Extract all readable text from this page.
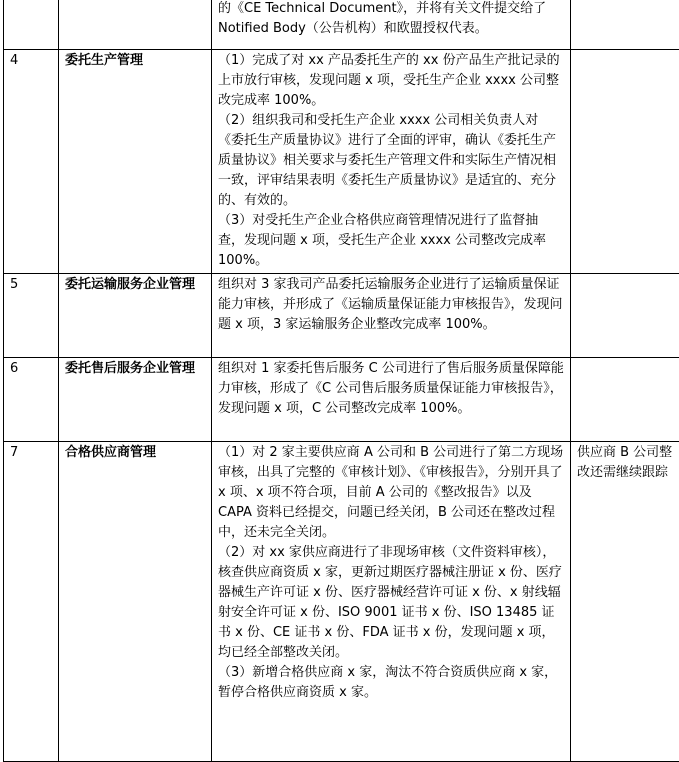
		的《CE Technical Document》，并将有关文件提交给了 Notified Body（公告机构）和欧盟授权代表。	

4	委托生产管理	（1）完成了对 xx 产品委托生产的 xx 份产品生产批记录的上市放行审核，发现问题 x 项，受托生产企业 xxxx 公司整改完成率 100%。
（2）组织我司和受托生产企业 xxxx 公司相关负责人对《委托生产质量协议》进行了全面的评审，确认《委托生产质量协议》相关要求与委托生产管理文件和实际生产情况相一致，评审结果表明《委托生产质量协议》是适宜的、充分的、有效的。
（3）对受托生产企业合格供应商管理情况进行了监督抽查，发现问题 x 项，受托生产企业 xxxx 公司整改完成率 100%。	

5	委托运输服务企业管理	组织对 3 家我司产品委托运输服务企业进行了运输质量保证能力审核，并形成了《运输质量保证能力审核报告》，发现问题 x 项，3 家运输服务企业整改完成率 100%。	

6	委托售后服务企业管理	组织对 1 家委托售后服务 C 公司进行了售后服务质量保障能力审核，形成了《C 公司售后服务质量保证能力审核报告》，发现问题 x 项，C 公司整改完成率 100%。	

7	合格供应商管理	（1）对 2 家主要供应商 A 公司和 B 公司进行了第二方现场审核，出具了完整的《审核计划》、《审核报告》，分别开具了 x 项、x 项不符合项，目前 A 公司的《整改报告》以及 CAPA 资料已经提交，问题已经关闭，B 公司还在整改过程中，还未完全关闭。
（2）对 xx 家供应商进行了非现场审核（文件资料审核），核查供应商资质 x 家，更新过期医疗器械注册证 x 份、医疗器械生产许可证 x 份、医疗器械经营许可证 x 份、x 射线辐射安全许可证 x 份、ISO 9001 证书 x 份、ISO 13485 证书 x 份、CE 证书 x 份、FDA 证书 x 份，发现问题 x 项，均已经全部整改关闭。
（3）新增合格供应商 x 家，淘汰不符合资质供应商 x 家，暂停合格供应商资质 x 家。	供应商 B 公司整改还需继续跟踪
